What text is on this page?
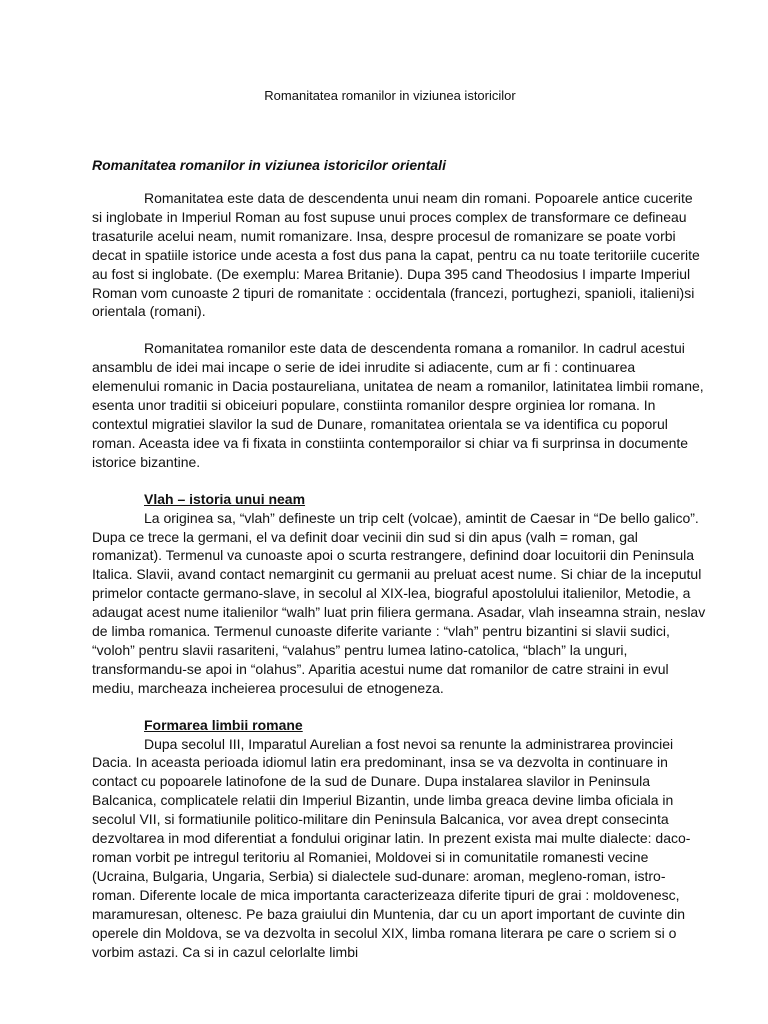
Romanitatea romanilor in viziunea istoricilor
Romanitatea romanilor in viziunea istoricilor orientali

Romanitatea este data de descendenta unui neam din romani. Popoarele antice cucerite si inglobate in Imperiul Roman au fost supuse unui proces complex de transformare ce defineau trasaturile acelui neam, numit romanizare. Insa, despre procesul de romanizare se poate vorbi decat in spatiile istorice unde acesta a fost dus pana la capat, pentru ca nu toate teritoriile cucerite au fost si inglobate. (De exemplu: Marea Britanie). Dupa 395 cand Theodosius I imparte Imperiul Roman vom cunoaste 2 tipuri de romanitate : occidentala (francezi, portughezi, spanioli, italieni)si orientala (romani).

Romanitatea romanilor este data de descendenta romana a romanilor. In cadrul acestui ansamblu de idei mai incape o serie de idei inrudite si adiacente, cum ar fi : continuarea elemenului romanic in Dacia postaureliana, unitatea de neam a romanilor, latinitatea limbii romane, esenta unor traditii si obiceiuri populare, constiinta romanilor despre orginiea lor romana. In contextul migratiei slavilor la sud de Dunare, romanitatea orientala se va identifica cu poporul roman. Aceasta idee va fi fixata in constiinta contemporailor si chiar va fi surprinsa in documente istorice bizantine.

Vlah – istoria unui neam

La originea sa, “vlah” defineste un trip celt (volcae), amintit de Caesar in “De bello galico”. Dupa ce trece la germani, el va definit doar vecinii din sud si din apus (valh = roman, gal romanizat). Termenul va cunoaste apoi o scurta restrangere, definind doar locuitorii din Peninsula Italica. Slavii, avand contact nemarginit cu germanii au preluat acest nume. Si chiar de la inceputul primelor contacte germano-slave, in secolul al XIX-lea, biograful apostolului italienilor, Metodie, a adaugat acest nume italienilor “walh” luat prin filiera germana. Asadar, vlah inseamna strain, neslav de limba romanica. Termenul cunoaste diferite variante : “vlah” pentru bizantini si slavii sudici, “voloh” pentru slavii rasariteni, “valahus” pentru lumea latino-catolica, “blach” la unguri, transformandu-se apoi in “olahus”. Aparitia acestui nume dat romanilor de catre straini in evul mediu, marcheaza incheierea procesului de etnogeneza.

Formarea limbii romane

Dupa secolul III, Imparatul Aurelian a fost nevoi sa renunte la administrarea provinciei Dacia. In aceasta perioada idiomul latin era predominant, insa se va dezvolta in continuare in contact cu popoarele latinofone de la sud de Dunare. Dupa instalarea slavilor in Peninsula Balcanica, complicatele relatii din Imperiul Bizantin, unde limba greaca devine limba oficiala in secolul VII, si formatiunile politico-militare din Peninsula Balcanica, vor avea drept consecinta dezvoltarea in mod diferentiat a fondului originar latin. In prezent exista mai multe dialecte: daco-roman vorbit pe intregul teritoriu al Romaniei, Moldovei si in comunitatile romanesti vecine (Ucraina, Bulgaria, Ungaria, Serbia) si dialectele sud-dunare: aroman, megleno-roman, istro-roman. Diferente locale de mica importanta caracterizeaza diferite tipuri de grai : moldovenesc, maramuresan, oltenesc. Pe baza graiului din Muntenia, dar cu un aport important de cuvinte din operele din Moldova, se va dezvolta in secolul XIX, limba romana literara pe care o scriem si o vorbim astazi. Ca si in cazul celorlalte limbi
